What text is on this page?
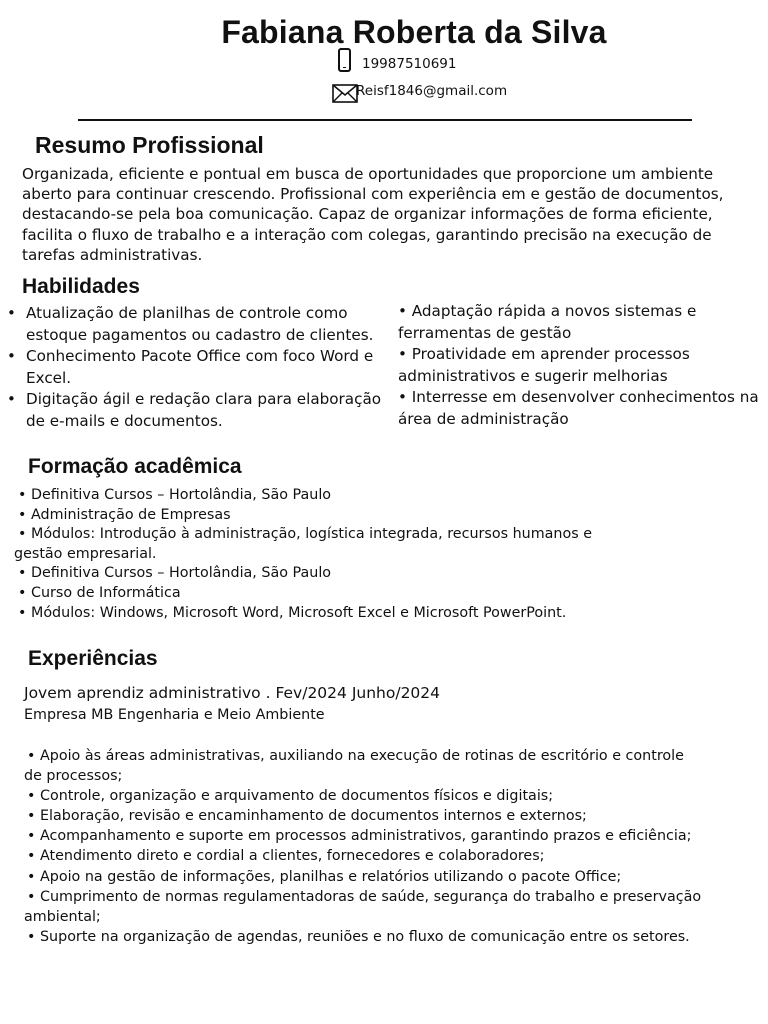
Fabiana Roberta da Silva
19987510691
Reisf1846@gmail.com
Resumo Profissional
Organizada, eficiente e pontual em busca de oportunidades que proporcione um ambiente aberto para continuar crescendo. Profissional com experiência em e gestão de documentos, destacando-se pela boa comunicação. Capaz de organizar informações de forma eficiente, facilita o fluxo de trabalho e a interação com colegas, garantindo precisão na execução de tarefas administrativas.
Habilidades
• Atualização de planilhas de controle como estoque pagamentos ou cadastro de clientes.
• Conhecimento Pacote Office com foco Word e Excel.
• Digitação ágil e redação clara para elaboração de e-mails e documentos.
• Adaptação rápida a novos sistemas e ferramentas de gestão
• Proatividade em aprender processos administrativos e sugerir melhorias
• Interresse em desenvolver conhecimentos na área de administração
Formação acadêmica
• Definitiva Cursos – Hortolândia, São Paulo
• Administração de Empresas
• Módulos: Introdução à administração, logística integrada, recursos humanos e
gestão empresarial.
• Definitiva Cursos – Hortolândia, São Paulo
• Curso de Informática
• Módulos: Windows, Microsoft Word, Microsoft Excel e Microsoft PowerPoint.
Experiências
Jovem aprendiz administrativo . Fev/2024 Junho/2024
Empresa MB Engenharia e Meio Ambiente
• Apoio às áreas administrativas, auxiliando na execução de rotinas de escritório e controle de processos;
• Controle, organização e arquivamento de documentos físicos e digitais;
• Elaboração, revisão e encaminhamento de documentos internos e externos;
• Acompanhamento e suporte em processos administrativos, garantindo prazos e eficiência;
• Atendimento direto e cordial a clientes, fornecedores e colaboradores;
• Apoio na gestão de informações, planilhas e relatórios utilizando o pacote Office;
• Cumprimento de normas regulamentadoras de saúde, segurança do trabalho e preservação ambiental;
• Suporte na organização de agendas, reuniões e no fluxo de comunicação entre os setores.
